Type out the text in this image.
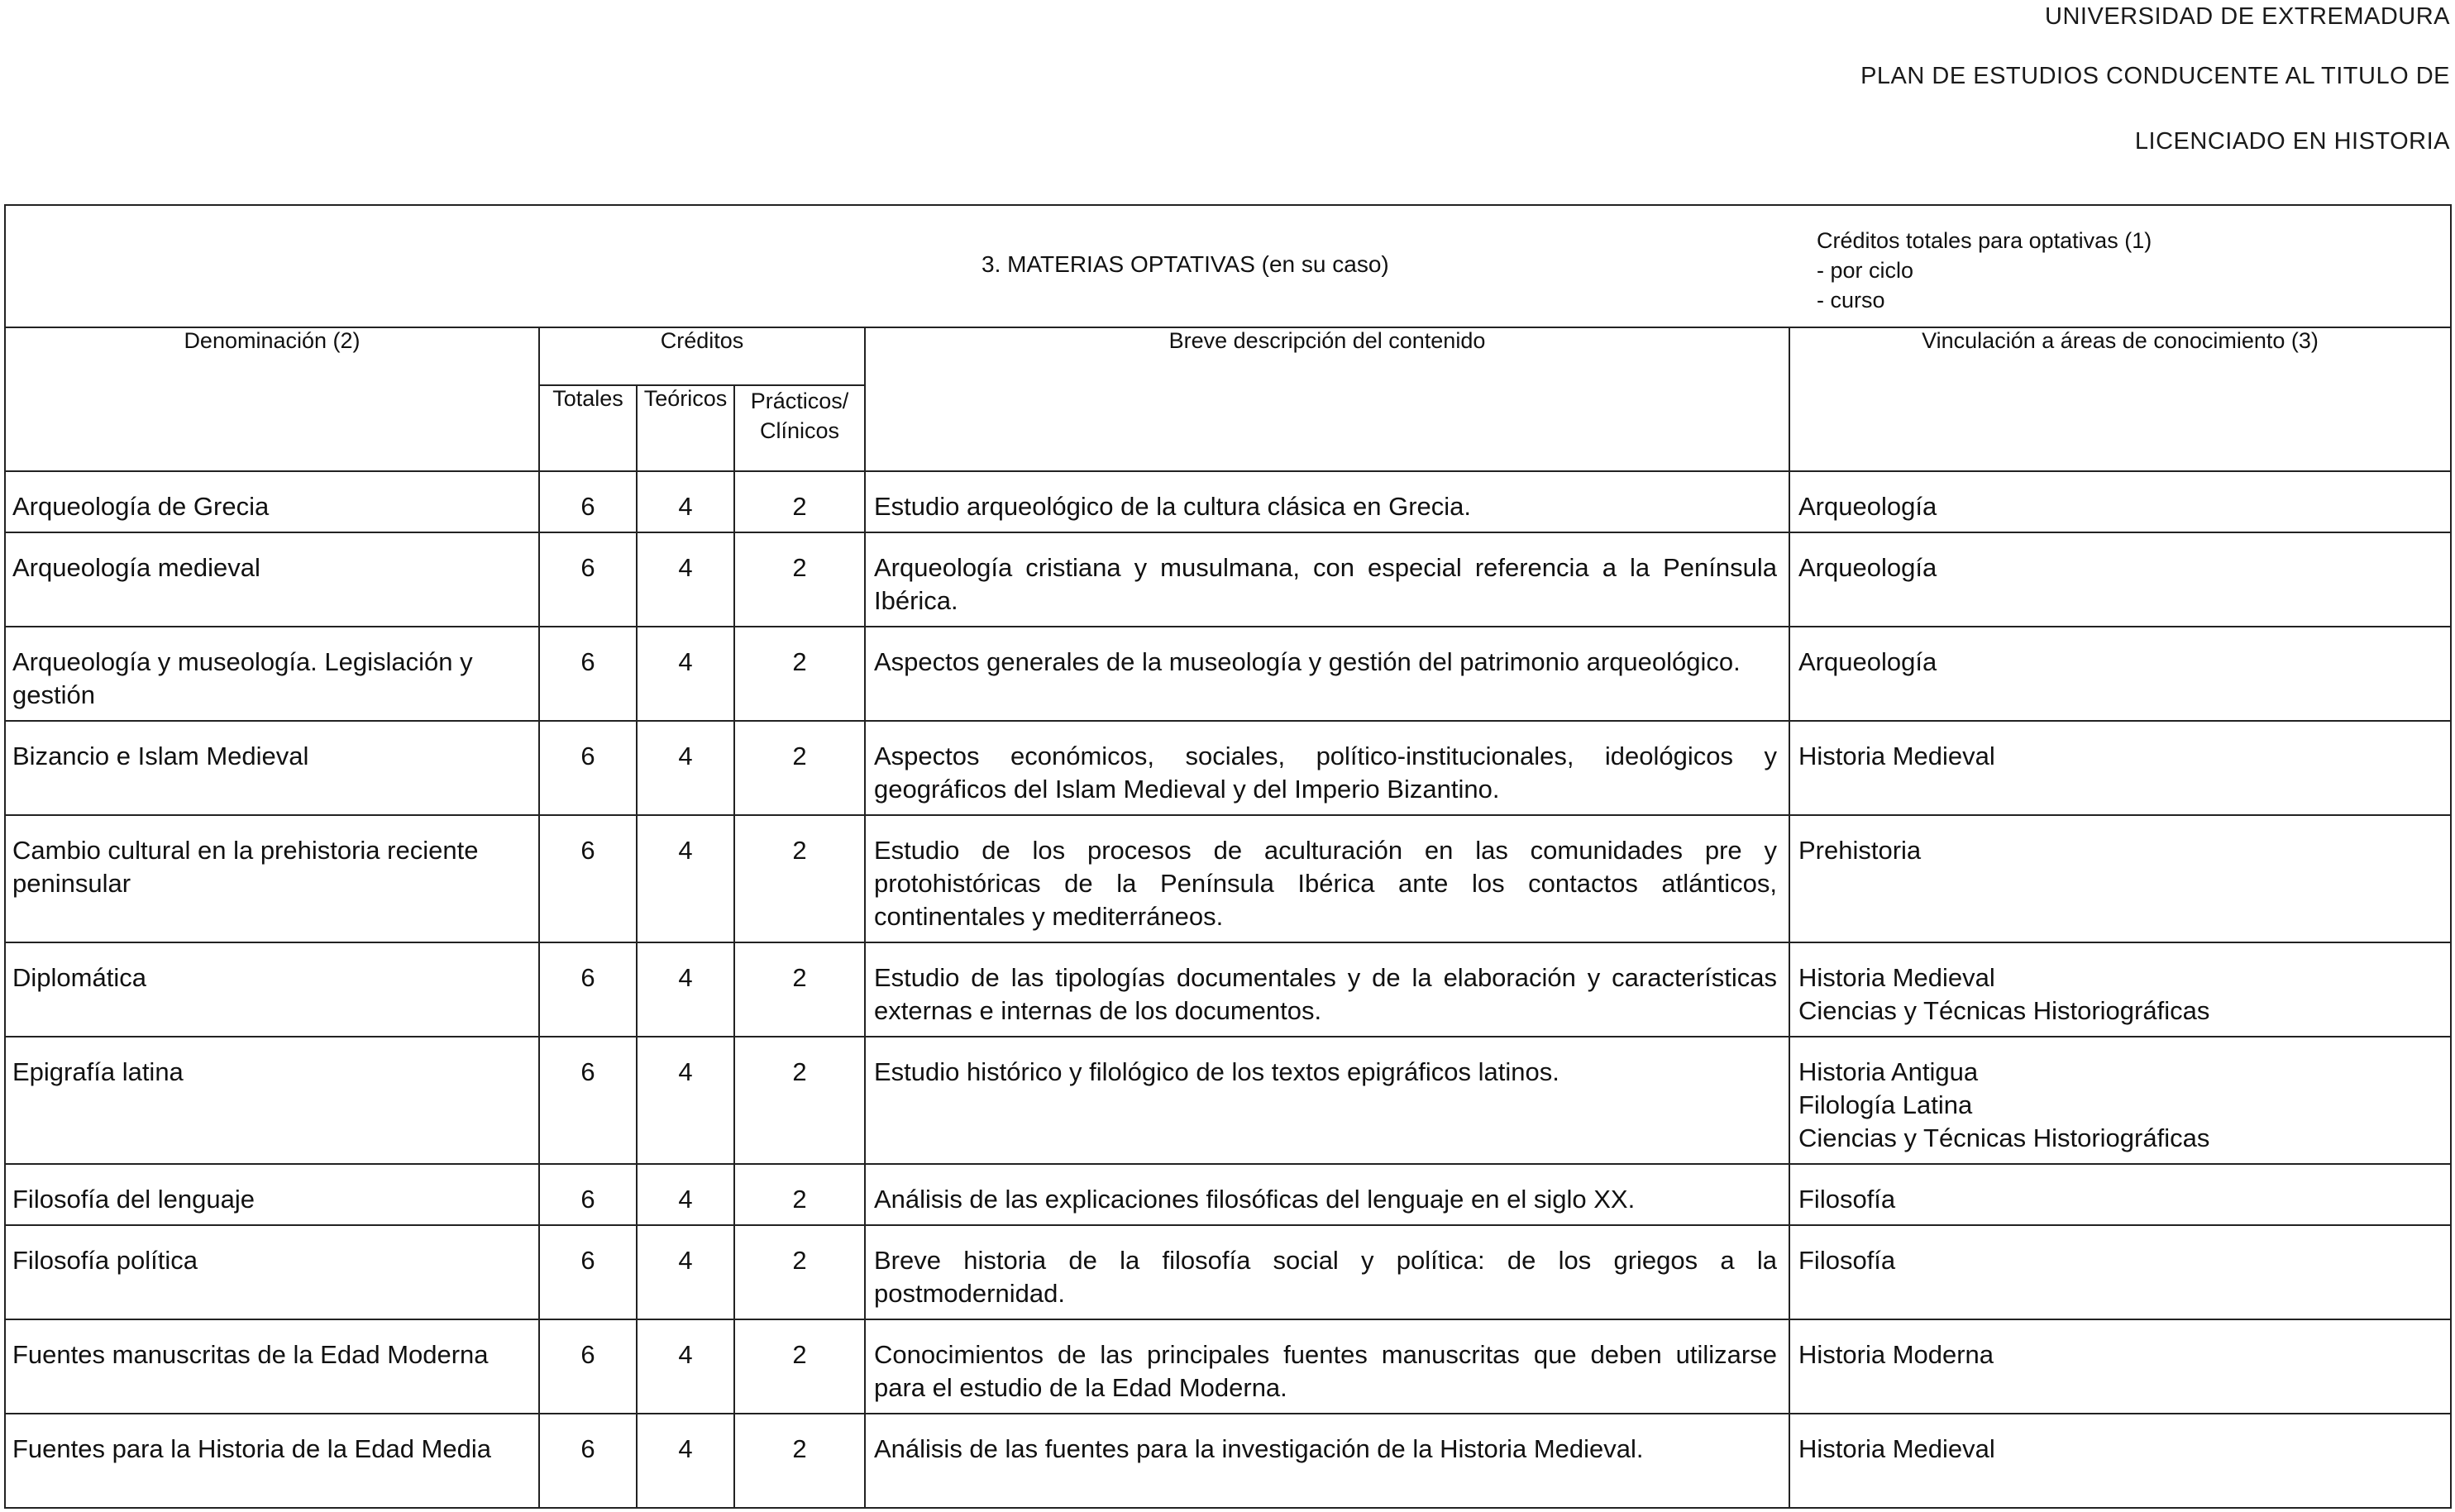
UNIVERSIDAD DE EXTREMADURA
PLAN DE ESTUDIOS CONDUCENTE AL TITULO DE
LICENCIADO EN HISTORIA
3. MATERIAS OPTATIVAS (en su caso)
Créditos totales para optativas (1)
- por ciclo
- curso					

Denominación (2)	Créditos			Breve descripción del contenido	Vinculación a áreas de conocimiento (3)
	Totales	Teóricos	Prácticos/
Clínicos		

Arqueología de Grecia	6	4	2	Estudio arqueológico de la cultura clásica en Grecia.	Arqueología

Arqueología medieval	6	4	2	Arqueología cristiana y musulmana, con especial referencia a la Península Ibérica.	Arqueología

Arqueología y museología. Legislación y gestión	6	4	2	Aspectos generales de la museología y gestión del patrimonio arqueológico.	Arqueología

Bizancio e Islam Medieval	6	4	2	Aspectos económicos, sociales, político-institucionales, ideológicos y geográficos del Islam Medieval y del Imperio Bizantino.	Historia Medieval

Cambio cultural en la prehistoria reciente peninsular	6	4	2	Estudio de los procesos de aculturación en las comunidades pre y protohistóricas de la Península Ibérica ante los contactos atlánticos, continentales y mediterráneos.	Prehistoria

Diplomática	6	4	2	Estudio de las tipologías documentales y de la elaboración y características externas e internas de los documentos.	Historia Medieval
Ciencias y Técnicas Historiográficas

Epigrafía latina	6	4	2	Estudio histórico y filológico de los textos epigráficos latinos.	Historia Antigua
Filología Latina
Ciencias y Técnicas Historiográficas

Filosofía del lenguaje	6	4	2	Análisis de las explicaciones filosóficas del lenguaje en el siglo XX.	Filosofía

Filosofía política	6	4	2	Breve historia de la filosofía social y política: de los griegos a la postmodernidad.	Filosofía

Fuentes manuscritas de la Edad Moderna	6	4	2	Conocimientos de las principales fuentes manuscritas que deben utilizarse para el estudio de la Edad Moderna.	Historia Moderna

Fuentes para la Historia de la Edad Media	6	4	2	Análisis de las fuentes para la investigación de la Historia Medieval.	Historia Medieval
